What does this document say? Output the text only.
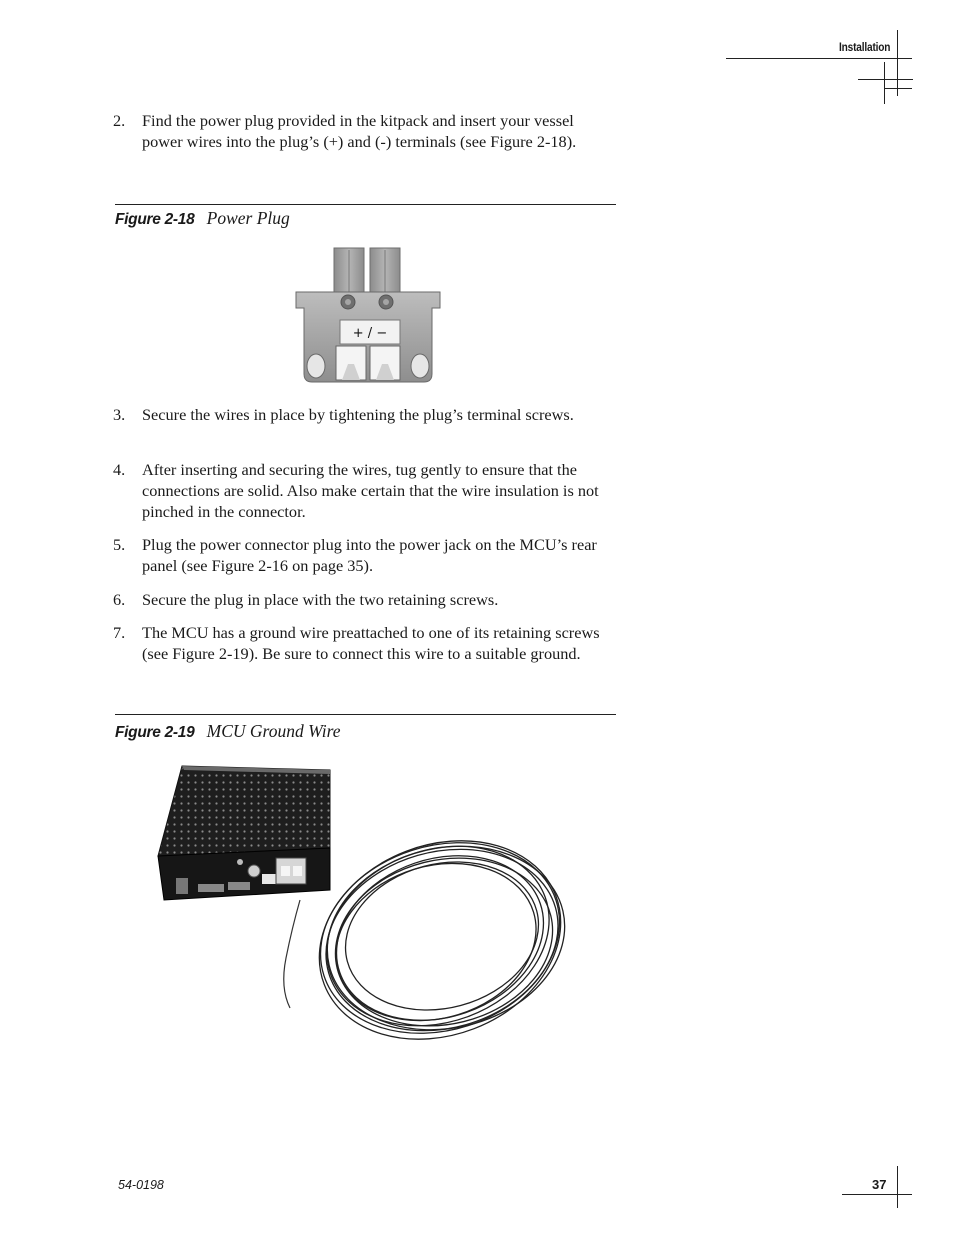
Installation
2. Find the power plug provided in the kitpack and insert your vessel power wires into the plug’s (+) and (-) terminals (see Figure 2-18).
Figure 2-18 Power Plug
+ / −
3. Secure the wires in place by tightening the plug’s terminal screws.
4. After inserting and securing the wires, tug gently to ensure that the connections are solid. Also make certain that the wire insulation is not pinched in the connector.
5. Plug the power connector plug into the power jack on the MCU’s rear panel (see Figure 2-16 on page 35).
6. Secure the plug in place with the two retaining screws.
7. The MCU has a ground wire preattached to one of its retaining screws (see Figure 2-19). Be sure to connect this wire to a suitable ground.
Figure 2-19 MCU Ground Wire
54-0198	37
